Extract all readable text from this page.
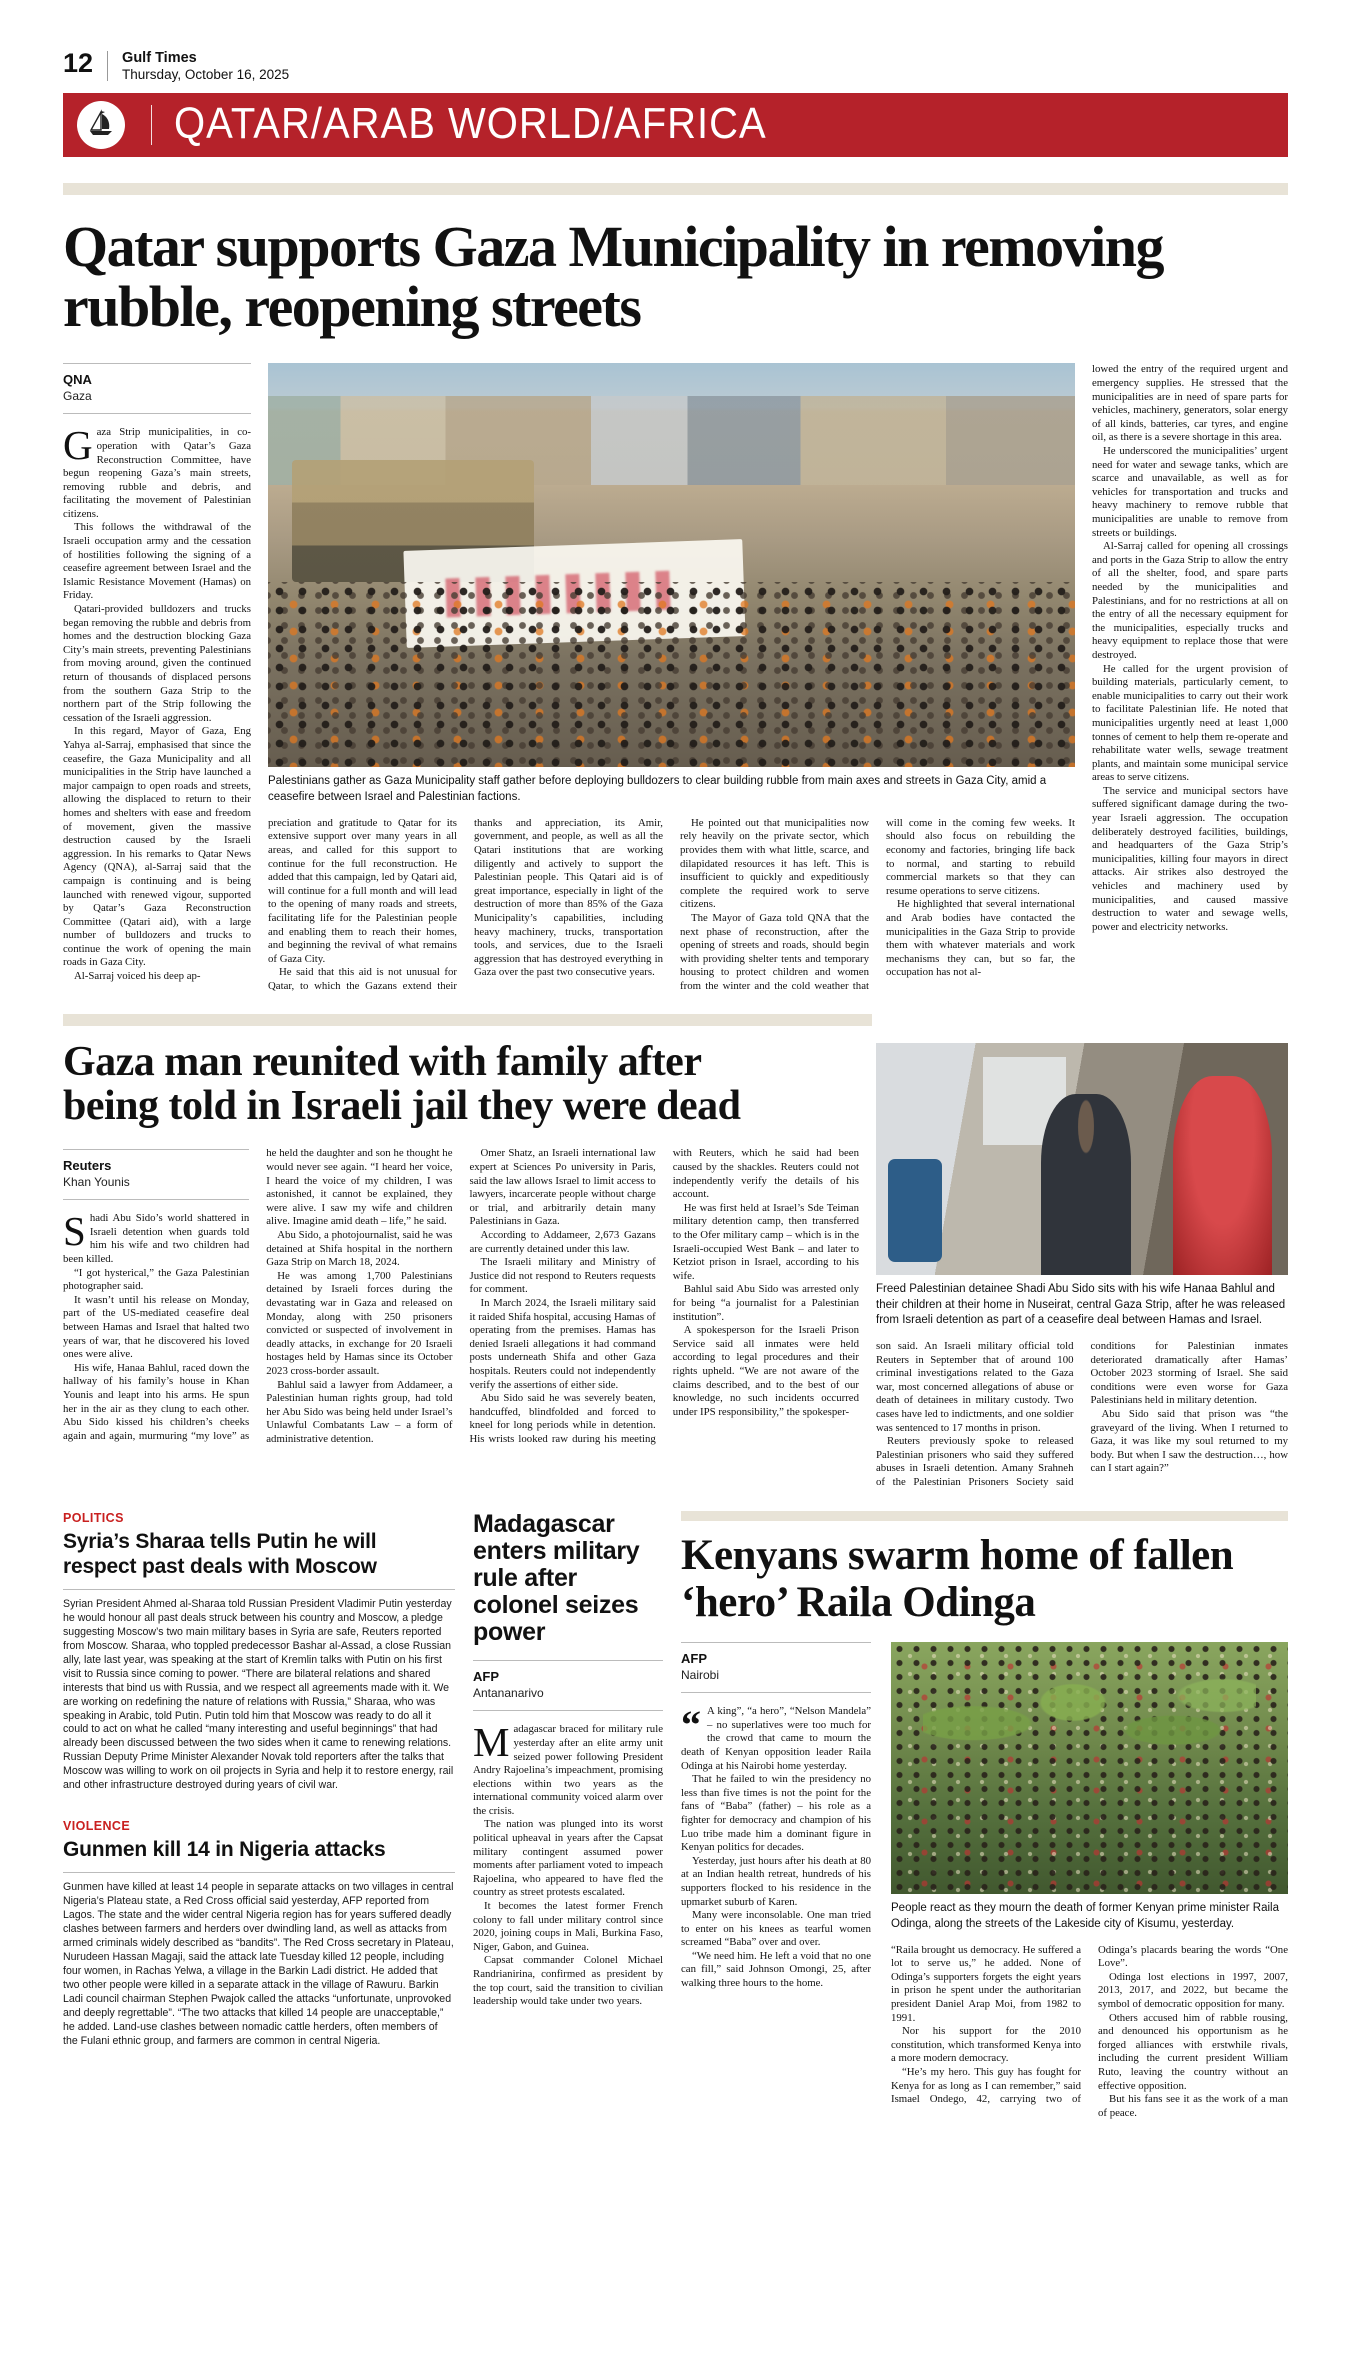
12 Gulf Times
Thursday, October 16, 2025
QATAR/ARAB WORLD/AFRICA
Qatar supports Gaza Municipality in removing rubble, reopening streets
QNA
Gaza

Gaza Strip municipalities, in co-operation with Qatar’s Gaza Reconstruction Committee, have begun reopening Gaza’s main streets, removing rubble and debris, and facilitating the movement of Palestinian citizens.

This follows the withdrawal of the Israeli occupation army and the cessation of hostilities following the signing of a ceasefire agreement between Israel and the Islamic Resistance Movement (Hamas) on Friday.

Qatari-provided bulldozers and trucks began removing the rubble and debris from homes and the destruction blocking Gaza City’s main streets, preventing Palestinians from moving around, given the continued return of thousands of displaced persons from the southern Gaza Strip to the northern part of the Strip following the cessation of the Israeli aggression.

In this regard, Mayor of Gaza, Eng Yahya al-Sarraj, emphasised that since the ceasefire, the Gaza Municipality and all municipalities in the Strip have launched a major campaign to open roads and streets, allowing the displaced to return to their homes and shelters with ease and freedom of movement, given the massive destruction caused by the Israeli aggression. In his remarks to Qatar News Agency (QNA), al-Sarraj said that the campaign is continuing and is being launched with renewed vigour, supported by Qatar’s Gaza Reconstruction Committee (Qatari aid), with a large number of bulldozers and trucks to continue the work of opening the main roads in Gaza City.

Al-Sarraj voiced his deep ap-

Palestinians gather as Gaza Municipality staff gather before deploying bulldozers to clear building rubble from main axes and streets in Gaza City, amid a ceasefire between Israel and Palestinian factions.

preciation and gratitude to Qatar for its extensive support over many years in all areas, and called for this support to continue for the full reconstruction. He added that this campaign, led by Qatari aid, will continue for a full month and will lead to the opening of many roads and streets, facilitating life for the Palestinian people and enabling them to reach their homes, and beginning the revival of what remains of Gaza City.

He said that this aid is not unusual for Qatar, to which the Gazans extend their thanks and appreciation, its Amir, government, and people, as well as all the Qatari institutions that are working diligently and actively to support the Palestinian people. This Qatari aid is of great importance, especially in light of the destruction of more than 85% of the Gaza Municipality’s capabilities, including heavy machinery, trucks, transportation tools, and services, due to the Israeli aggression that has destroyed everything in Gaza over the past two consecutive years.

He pointed out that municipalities now rely heavily on the private sector, which provides them with what little, scarce, and dilapidated resources it has left. This is insufficient to quickly and expeditiously complete the required work to serve citizens.

The Mayor of Gaza told QNA that the next phase of reconstruction, after the opening of streets and roads, should begin with providing shelter tents and temporary housing to protect children and women from the winter and the cold weather that will come in the coming few weeks. It should also focus on rebuilding the economy and factories, bringing life back to normal, and starting to rebuild commercial markets so that they can resume operations to serve citizens.

He highlighted that several international and Arab bodies have contacted the municipalities in the Gaza Strip to provide them with whatever materials and work mechanisms they can, but so far, the occupation has not al-

lowed the entry of the required urgent and emergency supplies. He stressed that the municipalities are in need of spare parts for vehicles, machinery, generators, solar energy of all kinds, batteries, car tyres, and engine oil, as there is a severe shortage in this area.

He underscored the municipalities’ urgent need for water and sewage tanks, which are scarce and unavailable, as well as for vehicles for transportation and trucks and heavy machinery to remove rubble that municipalities are unable to remove from streets or buildings.

Al-Sarraj called for opening all crossings and ports in the Gaza Strip to allow the entry of all the shelter, food, and spare parts needed by the municipalities and Palestinians, and for no restrictions at all on the entry of all the necessary equipment for the municipalities, especially trucks and heavy equipment to replace those that were destroyed.

He called for the urgent provision of building materials, particularly cement, to enable municipalities to carry out their work to facilitate Palestinian life. He noted that municipalities urgently need at least 1,000 tonnes of cement to help them re-operate and rehabilitate water wells, sewage treatment plants, and maintain some municipal service areas to serve citizens.

The service and municipal sectors have suffered significant damage during the two-year Israeli aggression. The occupation deliberately destroyed facilities, buildings, and headquarters of the Gaza Strip’s municipalities, killing four mayors in direct attacks. Air strikes also destroyed the vehicles and machinery used by municipalities, and caused massive destruction to water and sewage wells, power and electricity networks.

Gaza man reunited with family after being told in Israeli jail they were dead
Reuters
Khan Younis

Shadi Abu Sido’s world shattered in Israeli detention when guards told him his wife and two children had been killed.

“I got hysterical,” the Gaza Palestinian photographer said.

It wasn’t until his release on Monday, part of the US-mediated ceasefire deal between Hamas and Israel that halted two years of war, that he discovered his loved ones were alive.

His wife, Hanaa Bahlul, raced down the hallway of his family’s house in Khan Younis and leapt into his arms. He spun her in the air as they clung to each other. Abu Sido kissed his children’s cheeks again and again, murmuring “my love” as he held the daughter and son he thought he would never see again. “I heard her voice, I heard the voice of my children, I was astonished, it cannot be explained, they were alive. I saw my wife and children alive. Imagine amid death – life,” he said.

Abu Sido, a photojournalist, said he was detained at Shifa hospital in the northern Gaza Strip on March 18, 2024.

He was among 1,700 Palestinians detained by Israeli forces during the devastating war in Gaza and released on Monday, along with 250 prisoners convicted or suspected of involvement in deadly attacks, in exchange for 20 Israeli hostages held by Hamas since its October 2023 cross-border assault.

Bahlul said a lawyer from Addameer, a Palestinian human rights group, had told her Abu Sido was being held under Israel’s Unlawful Combatants Law – a form of administrative detention.

Omer Shatz, an Israeli international law expert at Sciences Po university in Paris, said the law allows Israel to limit access to lawyers, incarcerate people without charge or trial, and arbitrarily detain many Palestinians in Gaza.

According to Addameer, 2,673 Gazans are currently detained under this law.

The Israeli military and Ministry of Justice did not respond to Reuters requests for comment.

In March 2024, the Israeli military said it raided Shifa hospital, accusing Hamas of operating from the premises. Hamas has denied Israeli allegations it had command posts underneath Shifa and other Gaza hospitals. Reuters could not independently verify the assertions of either side.

Abu Sido said he was severely beaten, handcuffed, blindfolded and forced to kneel for long periods while in detention. His wrists looked raw during his meeting with Reuters, which he said had been caused by the shackles. Reuters could not independently verify the details of his account.

He was first held at Israel’s Sde Teiman military detention camp, then transferred to the Ofer military camp – which is in the Israeli-occupied West Bank – and later to Ketziot prison in Israel, according to his wife.

Bahlul said Abu Sido was arrested only for being “a journalist for a Palestinian institution”.

A spokesperson for the Israeli Prison Service said all inmates were held according to legal procedures and their rights upheld. “We are not aware of the claims described, and to the best of our knowledge, no such incidents occurred under IPS responsibility,” the spokesper-

Freed Palestinian detainee Shadi Abu Sido sits with his wife Hanaa Bahlul and their children at their home in Nuseirat, central Gaza Strip, after he was released from Israeli detention as part of a ceasefire deal between Hamas and Israel.

son said. An Israeli military official told Reuters in September that of around 100 criminal investigations related to the Gaza war, most concerned allegations of abuse or death of detainees in military custody. Two cases have led to indictments, and one soldier was sentenced to 17 months in prison.

Reuters previously spoke to released Palestinian prisoners who said they suffered abuses in Israeli detention. Amany Srahneh of the Palestinian Prisoners Society said conditions for Palestinian inmates deteriorated dramatically after Hamas’ October 2023 storming of Israel. She said conditions were even worse for Gaza Palestinians held in military detention.

Abu Sido said that prison was “the graveyard of the living. When I returned to Gaza, it was like my soul returned to my body. But when I saw the destruction…, how can I start again?”

POLITICS
Syria’s Sharaa tells Putin he will respect past deals with Moscow

Syrian President Ahmed al-Sharaa told Russian President Vladimir Putin yesterday he would honour all past deals struck between his country and Moscow, a pledge suggesting Moscow’s two main military bases in Syria are safe, Reuters reported from Moscow. Sharaa, who toppled predecessor Bashar al-Assad, a close Russian ally, late last year, was speaking at the start of Kremlin talks with Putin on his first visit to Russia since coming to power. “There are bilateral relations and shared interests that bind us with Russia, and we respect all agreements made with it. We are working on redefining the nature of relations with Russia,” Sharaa, who was speaking in Arabic, told Putin. Putin told him that Moscow was ready to do all it could to act on what he called “many interesting and useful beginnings” that had already been discussed between the two sides when it came to renewing relations. Russian Deputy Prime Minister Alexander Novak told reporters after the talks that Moscow was willing to work on oil projects in Syria and help it to restore energy, rail and other infrastructure destroyed during years of civil war.

VIOLENCE
Gunmen kill 14 in Nigeria attacks

Gunmen have killed at least 14 people in separate attacks on two villages in central Nigeria’s Plateau state, a Red Cross official said yesterday, AFP reported from Lagos. The state and the wider central Nigeria region has for years suffered deadly clashes between farmers and herders over dwindling land, as well as attacks from armed criminals widely described as “bandits”. The Red Cross secretary in Plateau, Nurudeen Hassan Magaji, said the attack late Tuesday killed 12 people, including four women, in Rachas Yelwa, a village in the Barkin Ladi district. He added that two other people were killed in a separate attack in the village of Rawuru. Barkin Ladi council chairman Stephen Pwajok called the attacks “unfortunate, unprovoked and deeply regrettable”. “The two attacks that killed 14 people are unacceptable,” he added. Land-use clashes between nomadic cattle herders, often members of the Fulani ethnic group, and farmers are common in central Nigeria.

Madagascar enters military rule after colonel seizes power
AFP
Antananarivo

Madagascar braced for military rule yesterday after an elite army unit seized power following President Andry Rajoelina’s impeachment, promising elections within two years as the international community voiced alarm over the crisis.

The nation was plunged into its worst political upheaval in years after the Capsat military contingent assumed power moments after parliament voted to impeach Rajoelina, who appeared to have fled the country as street protests escalated.

It becomes the latest former French colony to fall under military control since 2020, joining coups in Mali, Burkina Faso, Niger, Gabon, and Guinea.

Capsat commander Colonel Michael Randrianirina, confirmed as president by the top court, said the transition to civilian leadership would take under two years.

Kenyans swarm home of fallen ‘hero’ Raila Odinga
AFP
Nairobi
“ A king”, “a hero”, “Nelson Mandela” – no superlatives were too much for the crowd that came to mourn the death of Kenyan opposition leader Raila Odinga at his Nairobi home yesterday.

That he failed to win the presidency no less than five times is not the point for the fans of “Baba” (father) – his role as a fighter for democracy and champion of his Luo tribe made him a dominant figure in Kenyan politics for decades.

Yesterday, just hours after his death at 80 at an Indian health retreat, hundreds of his supporters flocked to his residence in the upmarket suburb of Karen.

Many were inconsolable. One man tried to enter on his knees as tearful women screamed “Baba” over and over.

“We need him. He left a void that no one can fill,” said Johnson Omongi, 25, after walking three hours to the home.

People react as they mourn the death of former Kenyan prime minister Raila Odinga, along the streets of the Lakeside city of Kisumu, yesterday.

“Raila brought us democracy. He suffered a lot to serve us,” he added. None of Odinga’s supporters forgets the eight years in prison he spent under the authoritarian president Daniel Arap Moi, from 1982 to 1991.

Nor his support for the 2010 constitution, which transformed Kenya into a more modern democracy.

“He’s my hero. This guy has fought for Kenya for as long as I can remember,” said Ismael Ondego, 42, carrying two of Odinga’s placards bearing the words “One Love”.

Odinga lost elections in 1997, 2007, 2013, 2017, and 2022, but became the symbol of democratic opposition for many.

Others accused him of rabble rousing, and denounced his opportunism as he forged alliances with erstwhile rivals, including the current president William Ruto, leaving the country without an effective opposition.

But his fans see it as the work of a man of peace.
